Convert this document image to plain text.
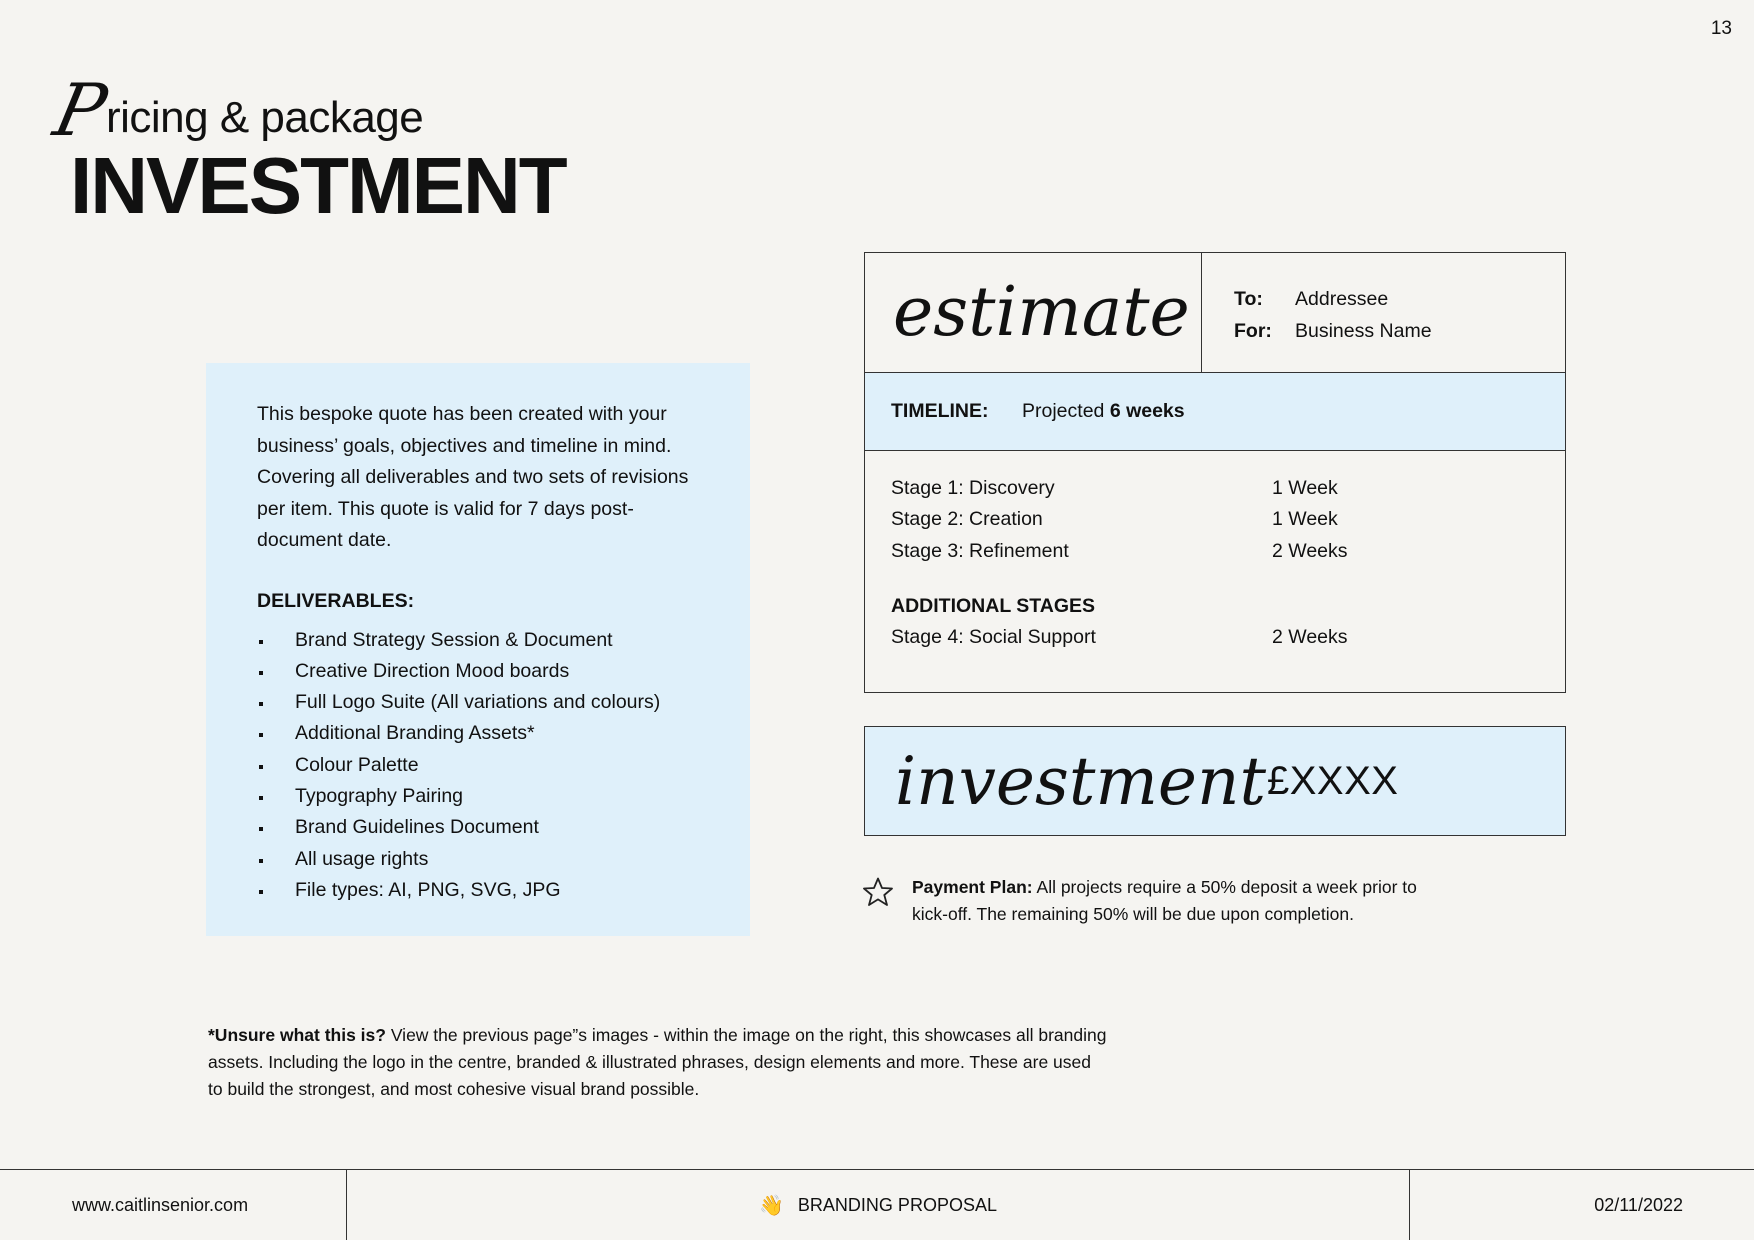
13
P
ricing & package
INVESTMENT

This bespoke quote has been created with your business’ goals, objectives and timeline in mind. Covering all deliverables and two sets of revisions per item. This quote is valid for 7 days post-document date.

DELIVERABLES:
Brand Strategy Session & Document
Creative Direction Mood boards
Full Logo Suite (All variations and colours)
Additional Branding Assets*
Colour Palette
Typography Pairing
Brand Guidelines Document
All usage rights
File types: AI, PNG, SVG, JPG
estimate	To:	Addressee
For:	Business Name
TIMELINE:	Projected 6 weeks
Stage 1: Discovery	1 Week
Stage 2: Creation	1 Week
Stage 3: Refinement	2 Weeks
ADDITIONAL STAGES
Stage 4: Social Support	2 Weeks
investment £XXXX
Payment Plan: All projects require a 50% deposit a week prior to kick-off. The remaining 50% will be due upon completion.
*Unsure what this is? View the previous page”s images - within the image on the right, this showcases all branding assets. Including the logo in the centre, branded & illustrated phrases, design elements and more. These are used to build the strongest, and most cohesive visual brand possible.
www.caitlinsenior.com	👋 BRANDING PROPOSAL	02/11/2022
